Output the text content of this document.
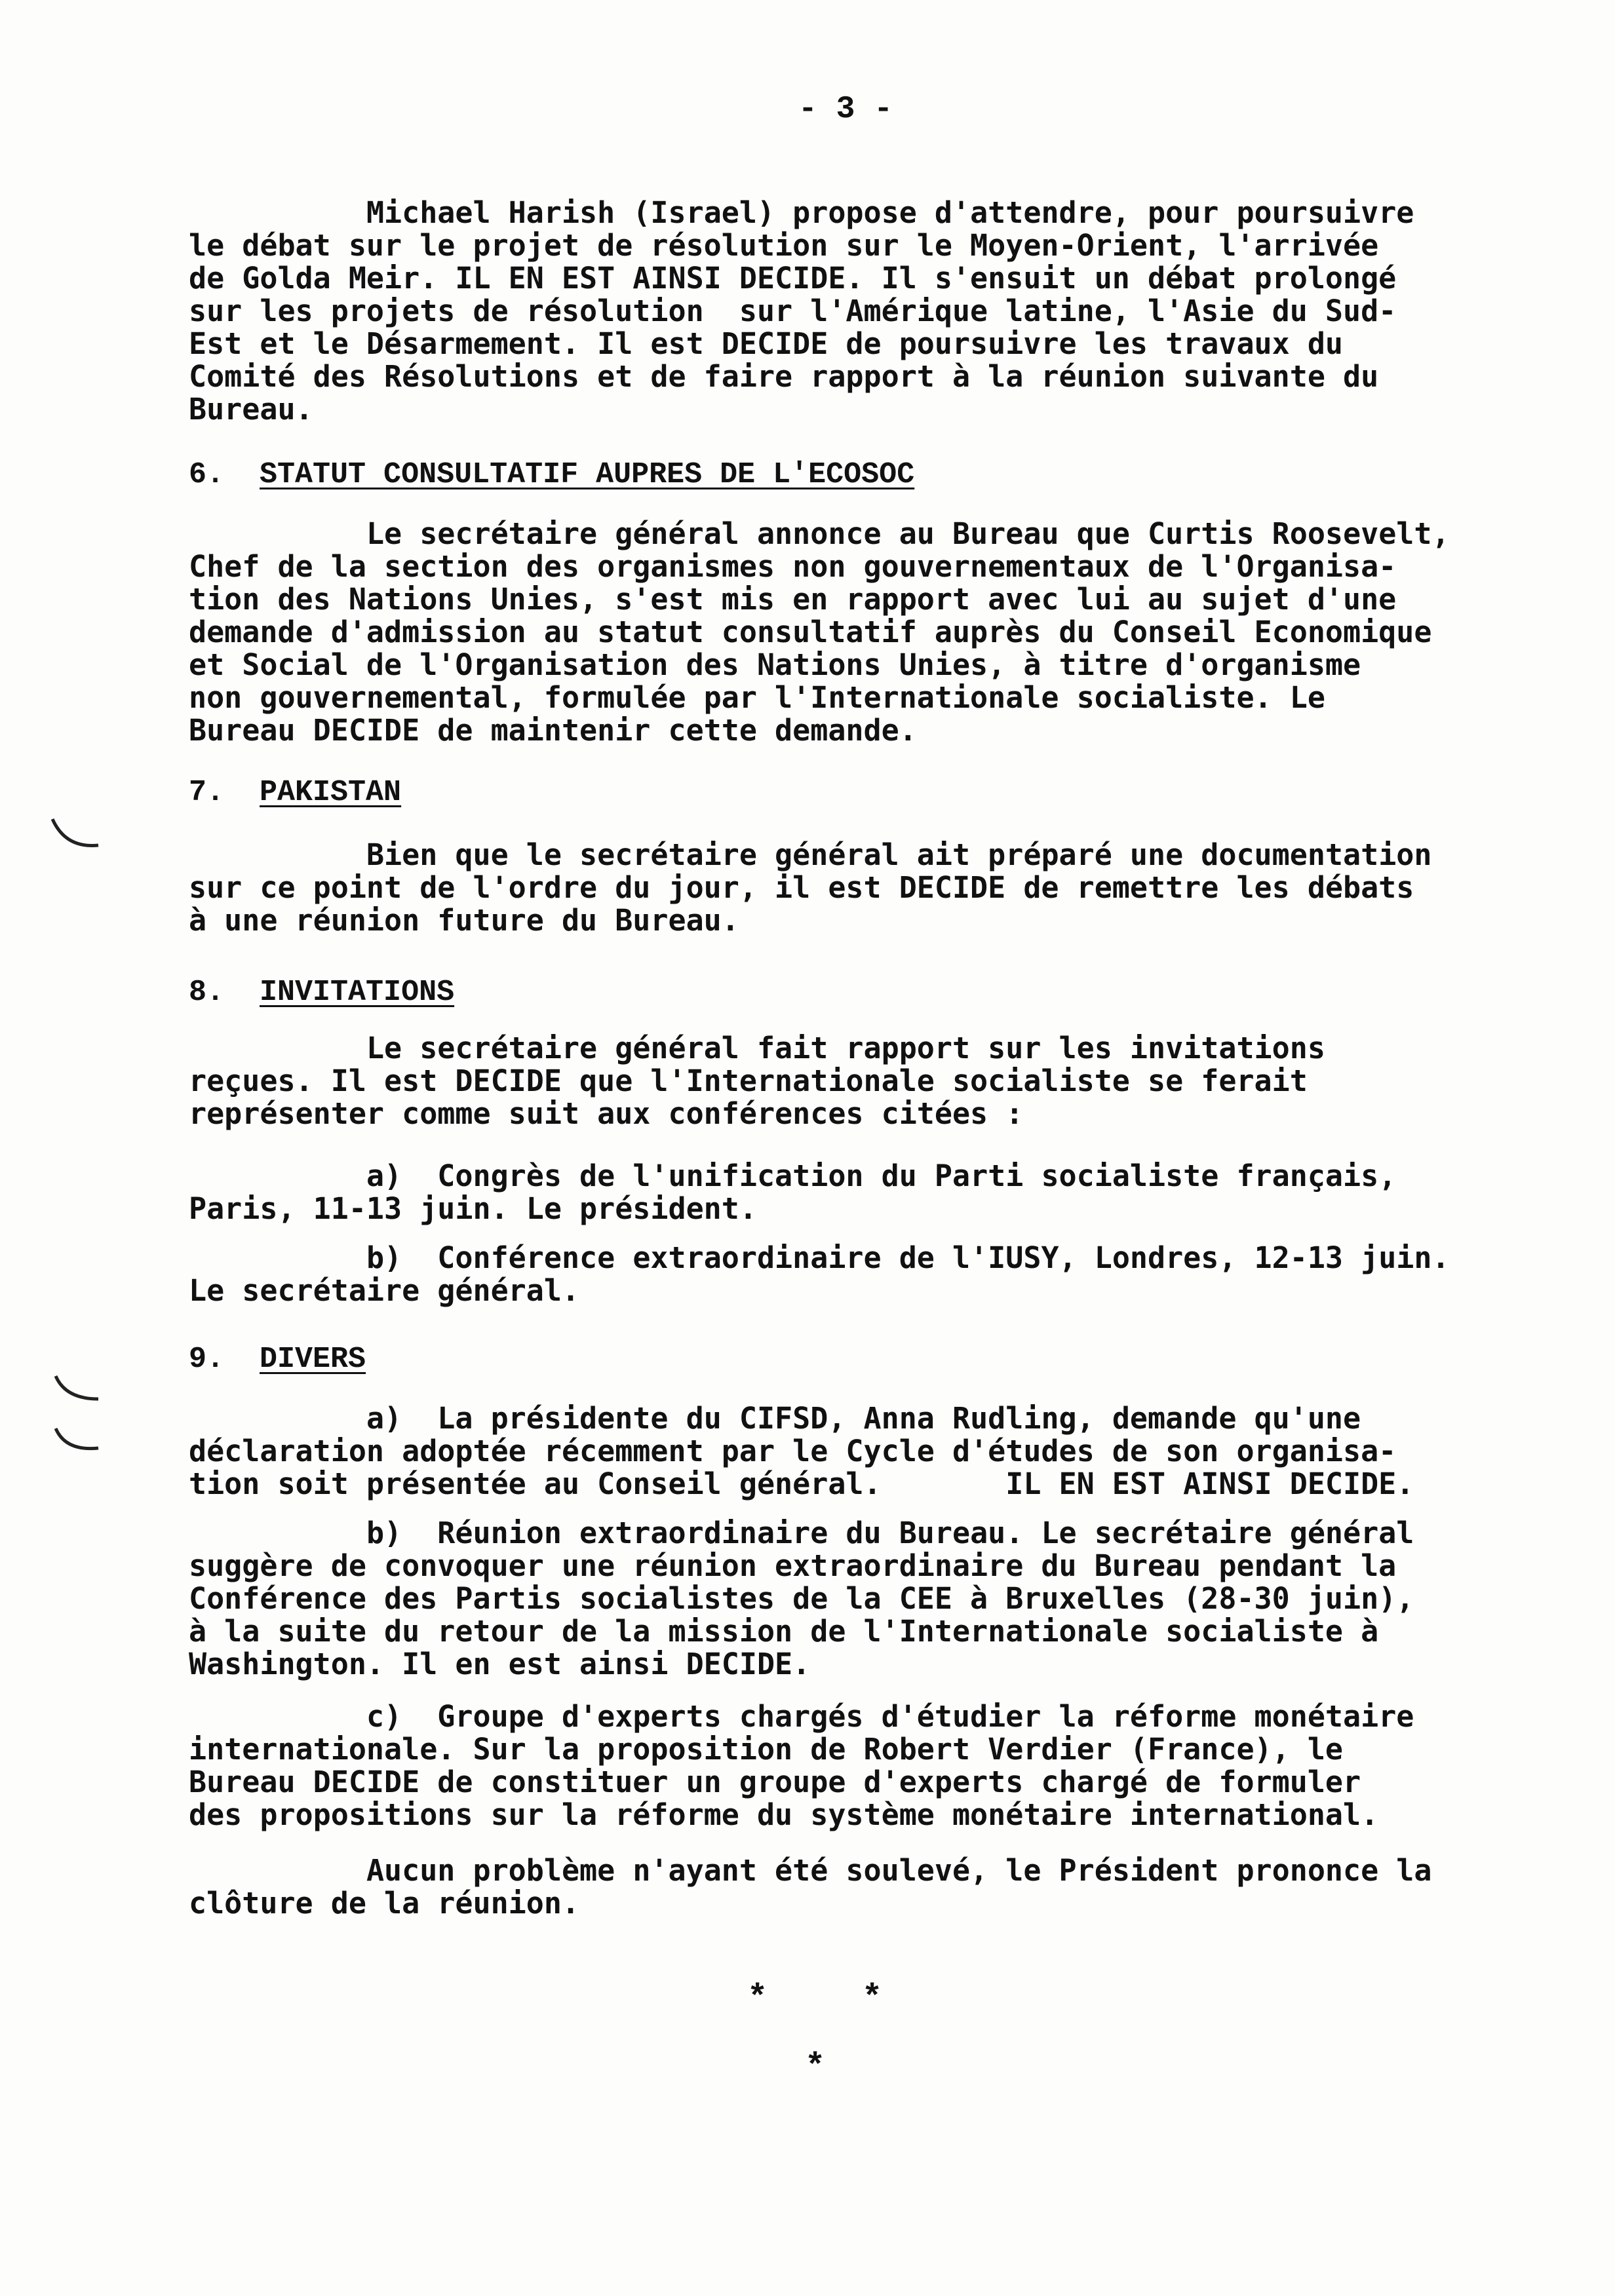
- 3 -
Michael Harish (Israel) propose d'attendre, pour poursuivre
le débat sur le projet de résolution sur le Moyen-Orient, l'arrivée
de Golda Meir. IL EN EST AINSI DECIDE. Il s'ensuit un débat prolongé
sur les projets de résolution  sur l'Amérique latine, l'Asie du Sud-
Est et le Désarmement. Il est DECIDE de poursuivre les travaux du
Comité des Résolutions et de faire rapport à la réunion suivante du
Bureau.
6. STATUT CONSULTATIF AUPRES DE L'ECOSOC
Le secrétaire général annonce au Bureau que Curtis Roosevelt,
Chef de la section des organismes non gouvernementaux de l'Organisa-
tion des Nations Unies, s'est mis en rapport avec lui au sujet d'une
demande d'admission au statut consultatif auprès du Conseil Economique
et Social de l'Organisation des Nations Unies, à titre d'organisme
non gouvernemental, formulée par l'Internationale socialiste. Le
Bureau DECIDE de maintenir cette demande.
7. PAKISTAN
Bien que le secrétaire général ait préparé une documentation
sur ce point de l'ordre du jour, il est DECIDE de remettre les débats
à une réunion future du Bureau.
8. INVITATIONS
Le secrétaire général fait rapport sur les invitations
reçues. Il est DECIDE que l'Internationale socialiste se ferait
représenter comme suit aux conférences citées :
a)  Congrès de l'unification du Parti socialiste français,
Paris, 11-13 juin. Le président.
b)  Conférence extraordinaire de l'IUSY, Londres, 12-13 juin.
Le secrétaire général.
9. DIVERS
a)  La présidente du CIFSD, Anna Rudling, demande qu'une
déclaration adoptée récemment par le Cycle d'études de son organisa-
tion soit présentée au Conseil général.       IL EN EST AINSI DECIDE.
b)  Réunion extraordinaire du Bureau. Le secrétaire général
suggère de convoquer une réunion extraordinaire du Bureau pendant la
Conférence des Partis socialistes de la CEE à Bruxelles (28-30 juin),
à la suite du retour de la mission de l'Internationale socialiste à
Washington. Il en est ainsi DECIDE.
c)  Groupe d'experts chargés d'étudier la réforme monétaire
internationale. Sur la proposition de Robert Verdier (France), le
Bureau DECIDE de constituer un groupe d'experts chargé de formuler
des propositions sur la réforme du système monétaire international.
Aucun problème n'ayant été soulevé, le Président prononce la
clôture de la réunion.
*	*
*
